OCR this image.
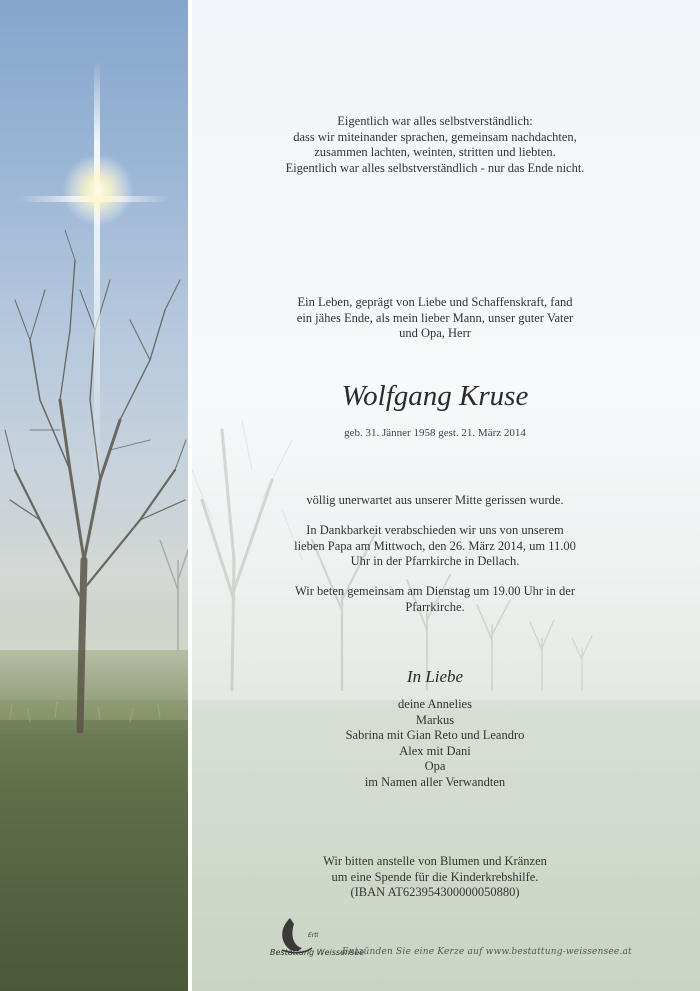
Eigentlich war alles selbstverständlich:
dass wir miteinander sprachen, gemeinsam nachdachten,
zusammen lachten, weinten, stritten und liebten.
Eigentlich war alles selbstverständlich - nur das Ende nicht.
Ein Leben, geprägt von Liebe und Schaffenskraft, fand
ein jähes Ende, als mein lieber Mann, unser guter Vater
und Opa, Herr
Wolfgang Kruse
geb. 31. Jänner 1958 gest. 21. März 2014
völlig unerwartet aus unserer Mitte gerissen wurde.
In Dankbarkeit verabschieden wir uns von unserem
lieben Papa am Mittwoch, den 26. März 2014, um 11.00
Uhr in der Pfarrkirche in Dellach.
Wir beten gemeinsam am Dienstag um 19.00 Uhr in der
Pfarrkirche.
In Liebe
deine Annelies
Markus
Sabrina mit Gian Reto und Leandro
Alex mit Dani
Opa
im Namen aller Verwandten
Wir bitten anstelle von Blumen und Kränzen
um eine Spende für die Kinderkrebshilfe.
(IBAN AT623954300000050880)
Ertl
Bestattung Weissensee
Entzünden Sie eine Kerze auf www.bestattung-weissensee.at
